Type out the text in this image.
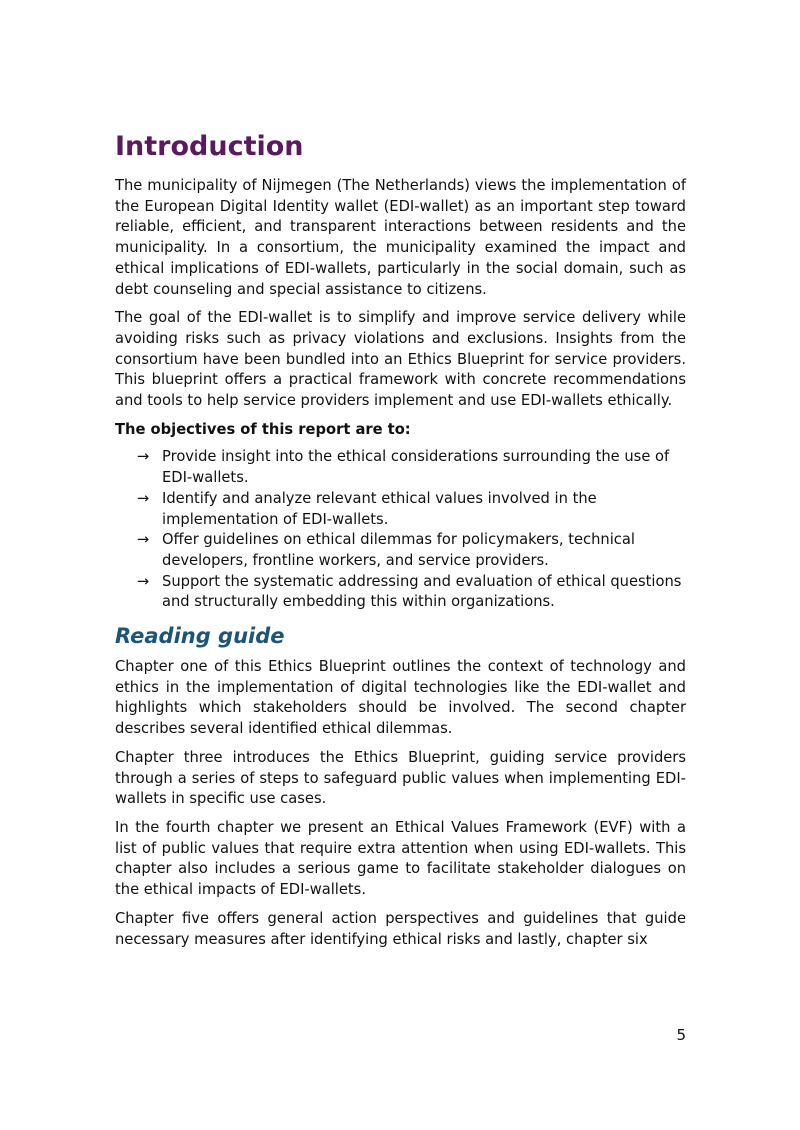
Introduction

The municipality of Nijmegen (The Netherlands) views the implementation of the European Digital Identity wallet (EDI-wallet) as an important step toward reliable, efficient, and transparent interactions between residents and the municipality. In a consortium, the municipality examined the impact and ethical implications of EDI-wallets, particularly in the social domain, such as debt counseling and special assistance to citizens.

The goal of the EDI-wallet is to simplify and improve service delivery while avoiding risks such as privacy violations and exclusions. Insights from the consortium have been bundled into an Ethics Blueprint for service providers. This blueprint offers a practical framework with concrete recommendations and tools to help service providers implement and use EDI-wallets ethically.

The objectives of this report are to:

→ Provide insight into the ethical considerations surrounding the use of EDI-wallets.
→ Identify and analyze relevant ethical values involved in the implementation of EDI-wallets.
→ Offer guidelines on ethical dilemmas for policymakers, technical developers, frontline workers, and service providers.
→ Support the systematic addressing and evaluation of ethical questions and structurally embedding this within organizations.
Reading guide

Chapter one of this Ethics Blueprint outlines the context of technology and ethics in the implementation of digital technologies like the EDI-wallet and highlights which stakeholders should be involved. The second chapter describes several identified ethical dilemmas.

Chapter three introduces the Ethics Blueprint, guiding service providers through a series of steps to safeguard public values when implementing EDI-wallets in specific use cases.

In the fourth chapter we present an Ethical Values Framework (EVF) with a list of public values that require extra attention when using EDI-wallets. This chapter also includes a serious game to facilitate stakeholder dialogues on the ethical impacts of EDI-wallets.

Chapter five offers general action perspectives and guidelines that guide necessary measures after identifying ethical risks and lastly, chapter six

5
